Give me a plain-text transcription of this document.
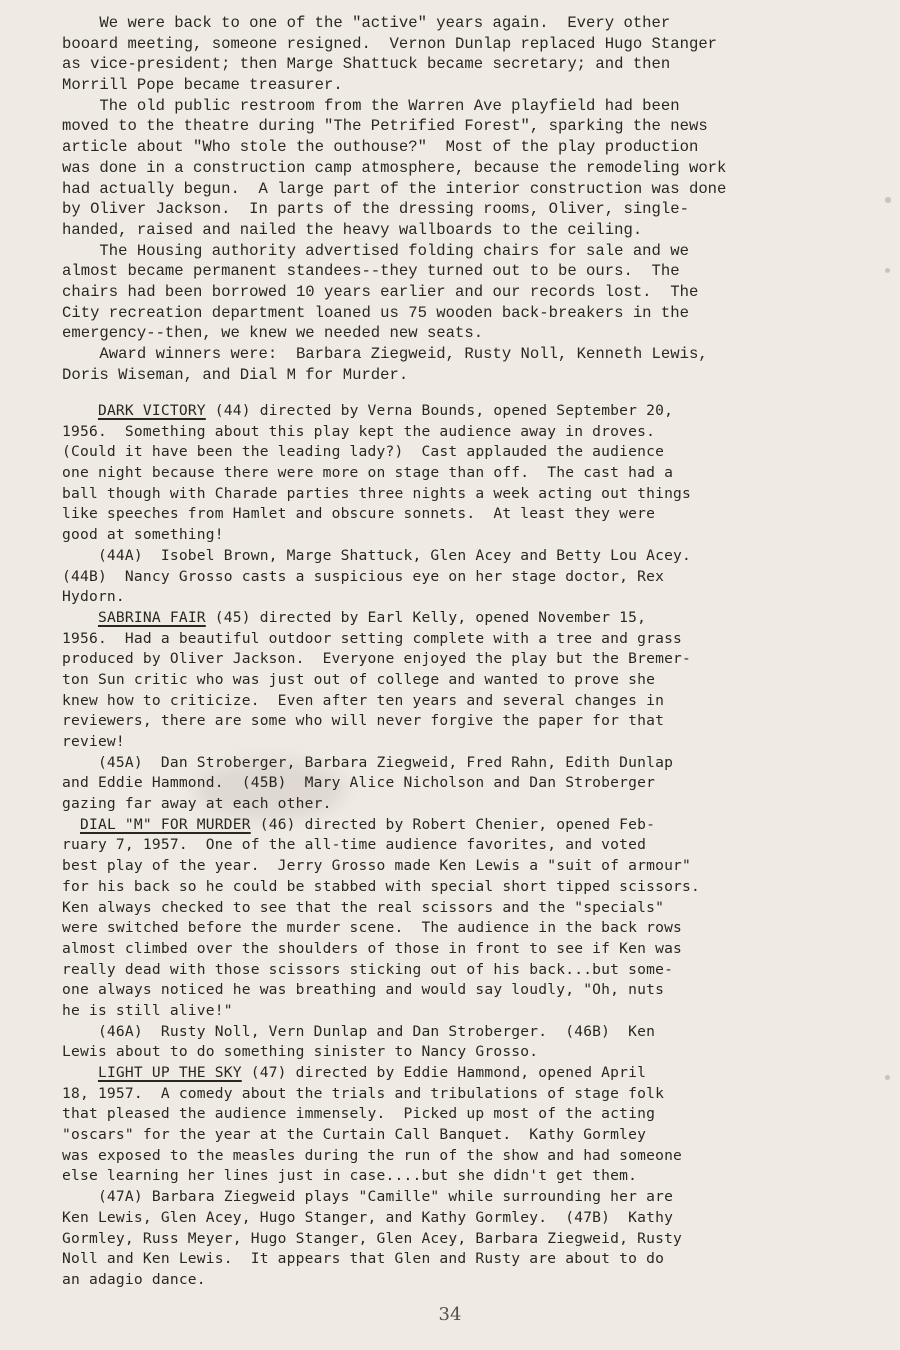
We were back to one of the "active" years again.  Every other
booard meeting, someone resigned.  Vernon Dunlap replaced Hugo Stanger
as vice-president; then Marge Shattuck became secretary; and then
Morrill Pope became treasurer.
The old public restroom from the Warren Ave playfield had been
moved to the theatre during "The Petrified Forest", sparking the news
article about "Who stole the outhouse?"  Most of the play production
was done in a construction camp atmosphere, because the remodeling work
had actually begun.  A large part of the interior construction was done
by Oliver Jackson.  In parts of the dressing rooms, Oliver, single-
handed, raised and nailed the heavy wallboards to the ceiling.
The Housing authority advertised folding chairs for sale and we
almost became permanent standees--they turned out to be ours.  The
chairs had been borrowed 10 years earlier and our records lost.  The
City recreation department loaned us 75 wooden back-breakers in the
emergency--then, we knew we needed new seats.
Award winners were:  Barbara Ziegweid, Rusty Noll, Kenneth Lewis,
Doris Wiseman, and Dial M for Murder.
DARK VICTORY (44) directed by Verna Bounds, opened September 20,
1956.  Something about this play kept the audience away in droves.
(Could it have been the leading lady?)  Cast applauded the audience
one night because there were more on stage than off.  The cast had a
ball though with Charade parties three nights a week acting out things
like speeches from Hamlet and obscure sonnets.  At least they were
good at something!
(44A)  Isobel Brown, Marge Shattuck, Glen Acey and Betty Lou Acey.
(44B)  Nancy Grosso casts a suspicious eye on her stage doctor, Rex
Hydorn.
SABRINA FAIR (45) directed by Earl Kelly, opened November 15,
1956.  Had a beautiful outdoor setting complete with a tree and grass
produced by Oliver Jackson.  Everyone enjoyed the play but the Bremer-
ton Sun critic who was just out of college and wanted to prove she
knew how to criticize.  Even after ten years and several changes in
reviewers, there are some who will never forgive the paper for that
review!
(45A)  Dan Stroberger, Barbara Ziegweid, Fred Rahn, Edith Dunlap
and Eddie Hammond.  (45B)  Mary Alice Nicholson and Dan Stroberger
gazing far away at each other.
DIAL "M" FOR MURDER (46) directed by Robert Chenier, opened Feb-
ruary 7, 1957.  One of the all-time audience favorites, and voted
best play of the year.  Jerry Grosso made Ken Lewis a "suit of armour"
for his back so he could be stabbed with special short tipped scissors.
Ken always checked to see that the real scissors and the "specials"
were switched before the murder scene.  The audience in the back rows
almost climbed over the shoulders of those in front to see if Ken was
really dead with those scissors sticking out of his back...but some-
one always noticed he was breathing and would say loudly, "Oh, nuts
he is still alive!"
(46A)  Rusty Noll, Vern Dunlap and Dan Stroberger.  (46B)  Ken
Lewis about to do something sinister to Nancy Grosso.
LIGHT UP THE SKY (47) directed by Eddie Hammond, opened April
18, 1957.  A comedy about the trials and tribulations of stage folk
that pleased the audience immensely.  Picked up most of the acting
"oscars" for the year at the Curtain Call Banquet.  Kathy Gormley
was exposed to the measles during the run of the show and had someone
else learning her lines just in case....but she didn't get them.
(47A) Barbara Ziegweid plays "Camille" while surrounding her are
Ken Lewis, Glen Acey, Hugo Stanger, and Kathy Gormley.  (47B)  Kathy
Gormley, Russ Meyer, Hugo Stanger, Glen Acey, Barbara Ziegweid, Rusty
Noll and Ken Lewis.  It appears that Glen and Rusty are about to do
an adagio dance.
34
